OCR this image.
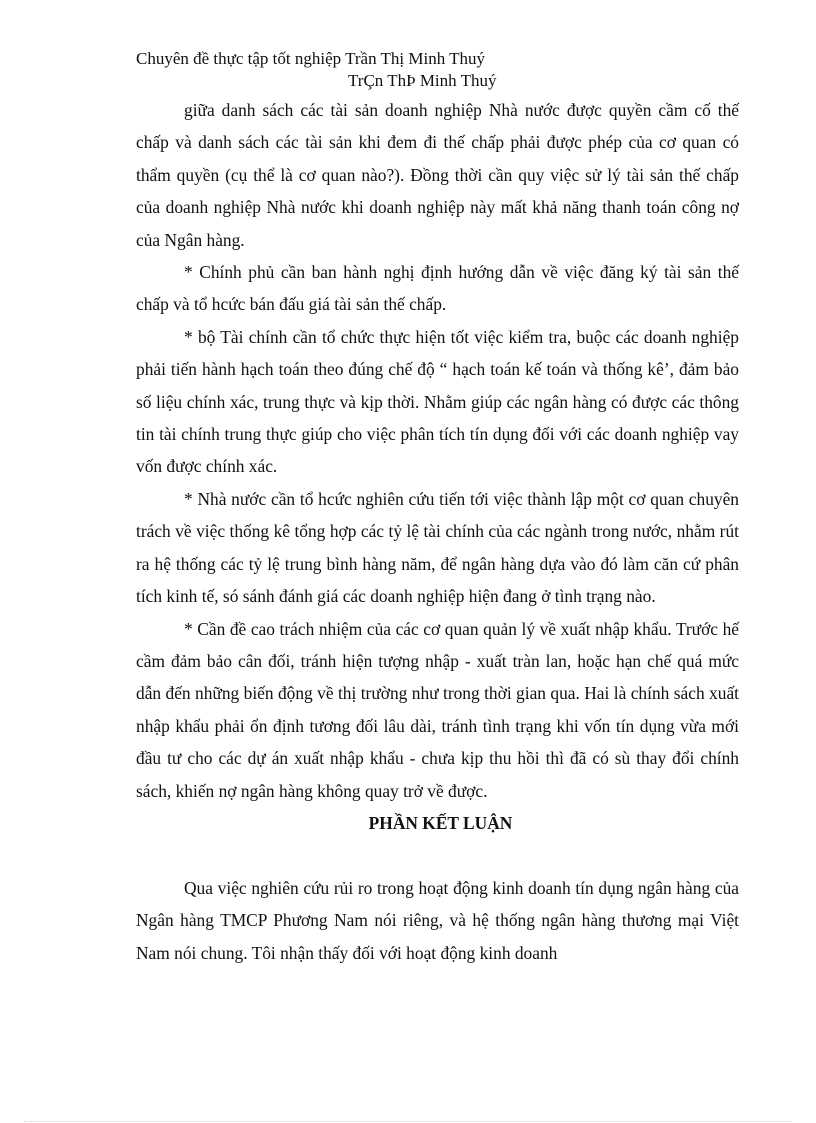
Chuyên đề thực tập tốt nghiệp Trần Thị Minh Thuý
TrÇn ThÞ Minh Thuý

giữa danh sách các tài sản doanh nghiệp Nhà nước được quyền cầm cố thế chấp và danh sách các tài sản khi đem đi thế chấp phải được phép của cơ quan có thẩm quyền (cụ thể là cơ quan nào?). Đồng thời cần quy việc sử lý tài sản thế chấp của doanh nghiệp Nhà nước khi doanh nghiệp này mất khả năng thanh toán công nợ của Ngân hàng.

* Chính phủ cần ban hành nghị định hướng dẫn về việc đăng ký tài sản thế chấp và tổ hcức bán đấu giá tài sản thế chấp.

* bộ Tài chính cần tổ chức thực hiện tốt việc kiểm tra, buộc các doanh nghiệp phải tiến hành hạch toán theo đúng chế độ “ hạch toán kế toán và thống kê’, đảm bảo số liệu chính xác, trung thực và kịp thời. Nhằm giúp các ngân hàng có được các thông tin tài chính trung thực giúp cho việc phân tích tín dụng đối với các doanh nghiệp vay vốn được chính xác.

* Nhà nước cần tổ hcức nghiên cứu tiến tới việc thành lập một cơ quan chuyên trách về việc thống kê tổng hợp các tỷ lệ tài chính của các ngành trong nước, nhằm rút ra hệ thống các tỷ lệ trung bình hàng năm, để ngân hàng dựa vào đó làm căn cứ phân tích kinh tế, só sánh đánh giá các doanh nghiệp hiện đang ở tình trạng nào.

* Cần đề cao trách nhiệm của các cơ quan quản lý về xuất nhập khẩu. Trước hế cầm đảm bảo cân đối, tránh hiện tượng nhập - xuất tràn lan, hoặc hạn chế quá mức dẫn đến những biến động về thị trường như trong thời gian qua. Hai là chính sách xuất nhập khẩu phải ổn định tương đối lâu dài, tránh tình trạng khi vốn tín dụng vừa mới đầu tư cho các dự án xuất nhập khẩu - chưa kịp thu hồi thì đã có sù thay đổi chính sách, khiến nợ ngân hàng không quay trở về được.

PHẦN KẾT LUẬN

Qua việc nghiên cứu rủi ro trong hoạt động kinh doanh tín dụng ngân hàng của Ngân hàng TMCP Phương Nam nói riêng, và hệ thống ngân hàng thương mại Việt Nam nói chung. Tôi nhận thấy đối với hoạt động kinh doanh
